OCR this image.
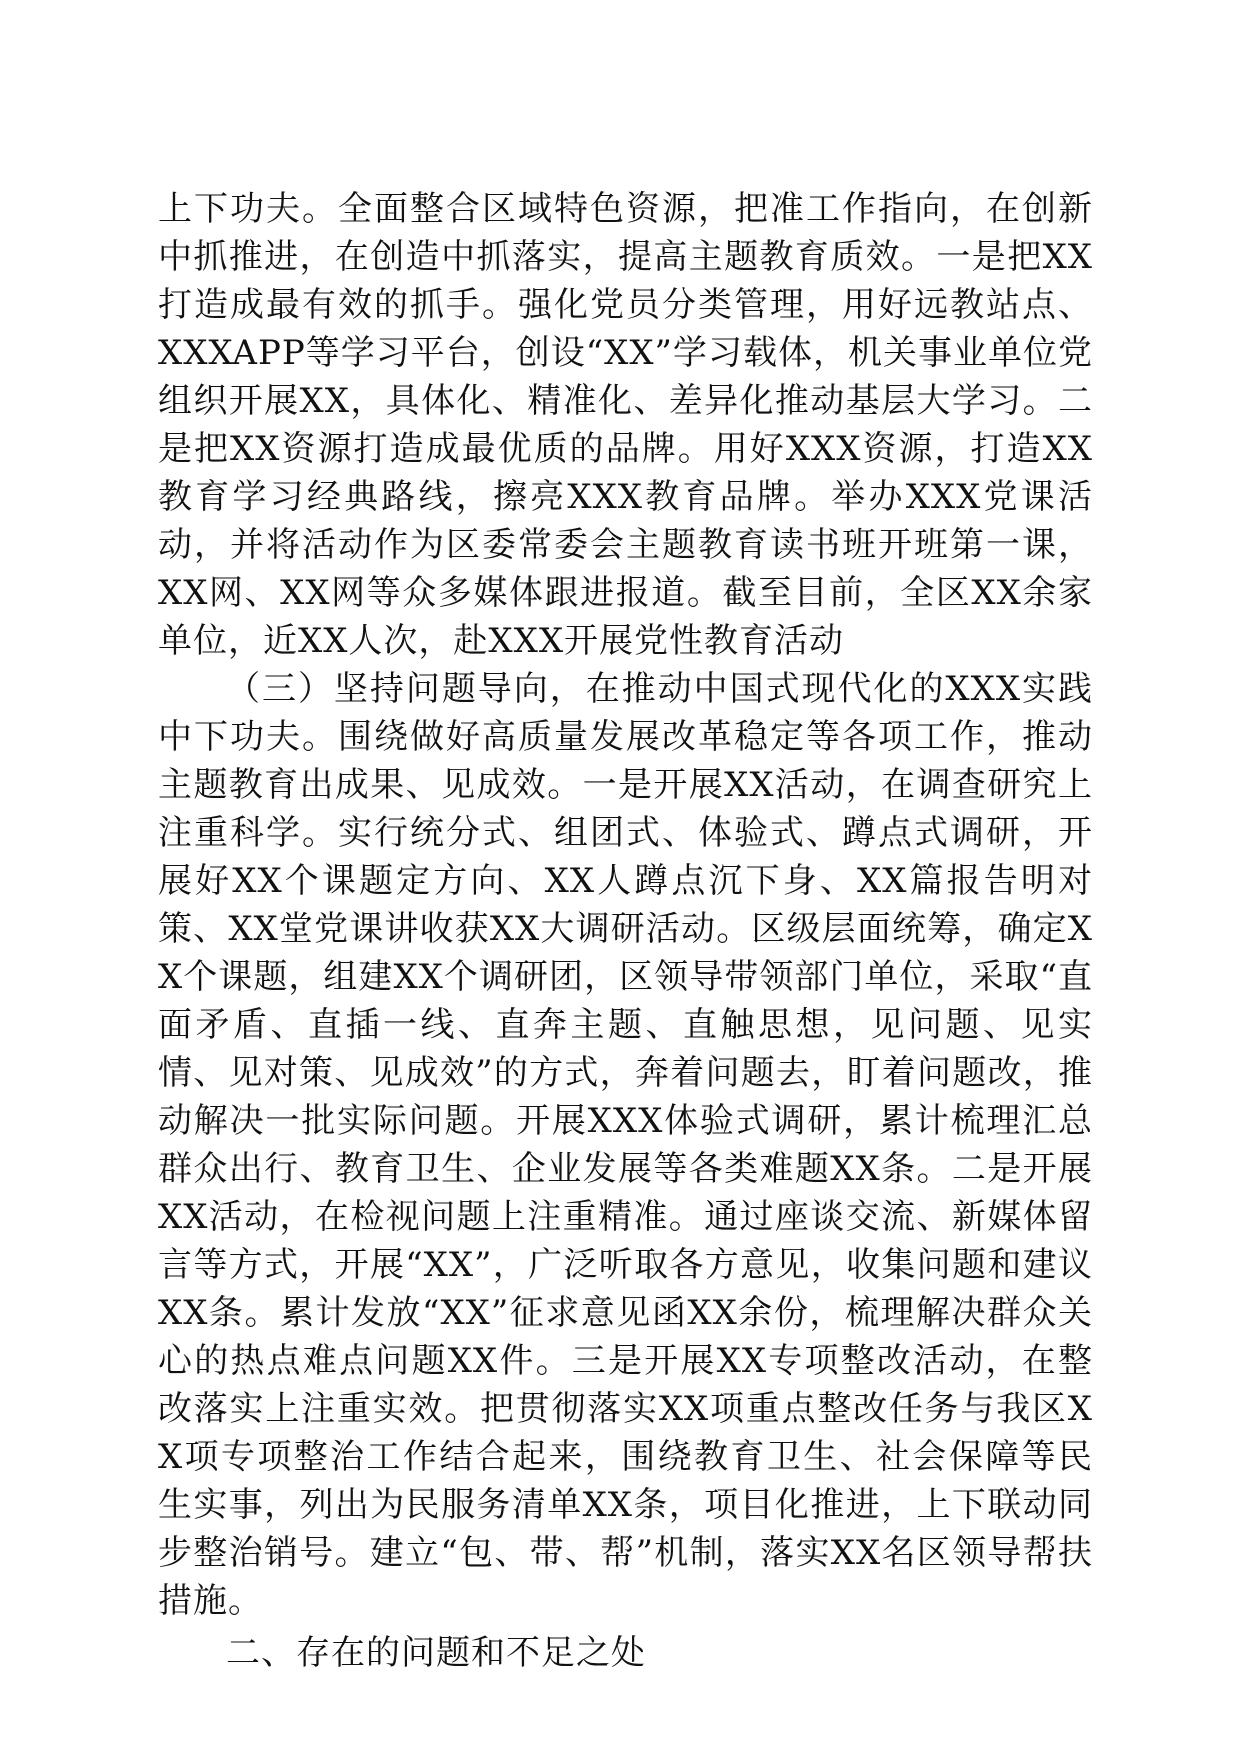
上下功夫。全面整合区域特色资源，把准工作指向，在创新中抓推进，在创造中抓落实，提高主题教育质效。一是把XX打造成最有效的抓手。强化党员分类管理，用好远教站点、XXXAPP等学习平台，创设“XX”学习载体，机关事业单位党组织开展XX，具体化、精准化、差异化推动基层大学习。二是把XX资源打造成最优质的品牌。用好XXX资源，打造XX教育学习经典路线，擦亮XXX教育品牌。举办XXX党课活动，并将活动作为区委常委会主题教育读书班开班第一课，XX网、XX网等众多媒体跟进报道。截至目前，全区XX余家单位，近XX人次，赴XXX开展党性教育活动

（三）坚持问题导向，在推动中国式现代化的XXX实践中下功夫。围绕做好高质量发展改革稳定等各项工作，推动主题教育出成果、见成效。一是开展XX活动，在调查研究上注重科学。实行统分式、组团式、体验式、蹲点式调研，开展好XX个课题定方向、XX人蹲点沉下身、XX篇报告明对策、XX堂党课讲收获XX大调研活动。区级层面统筹，确定XX个课题，组建XX个调研团，区领导带领部门单位，采取“直面矛盾、直插一线、直奔主题、直触思想，见问题、见实情、见对策、见成效”的方式，奔着问题去，盯着问题改，推动解决一批实际问题。开展XXX体验式调研，累计梳理汇总群众出行、教育卫生、企业发展等各类难题XX条。二是开展XX活动，在检视问题上注重精准。通过座谈交流、新媒体留言等方式，开展“XX”，广泛听取各方意见，收集问题和建议XX条。累计发放“XX”征求意见函XX余份，梳理解决群众关心的热点难点问题XX件。三是开展XX专项整改活动，在整改落实上注重实效。把贯彻落实XX项重点整改任务与我区XX项专项整治工作结合起来，围绕教育卫生、社会保障等民生实事，列出为民服务清单XX条，项目化推进，上下联动同步整治销号。建立“包、带、帮”机制，落实XX名区领导帮扶措施。

二、存在的问题和不足之处
